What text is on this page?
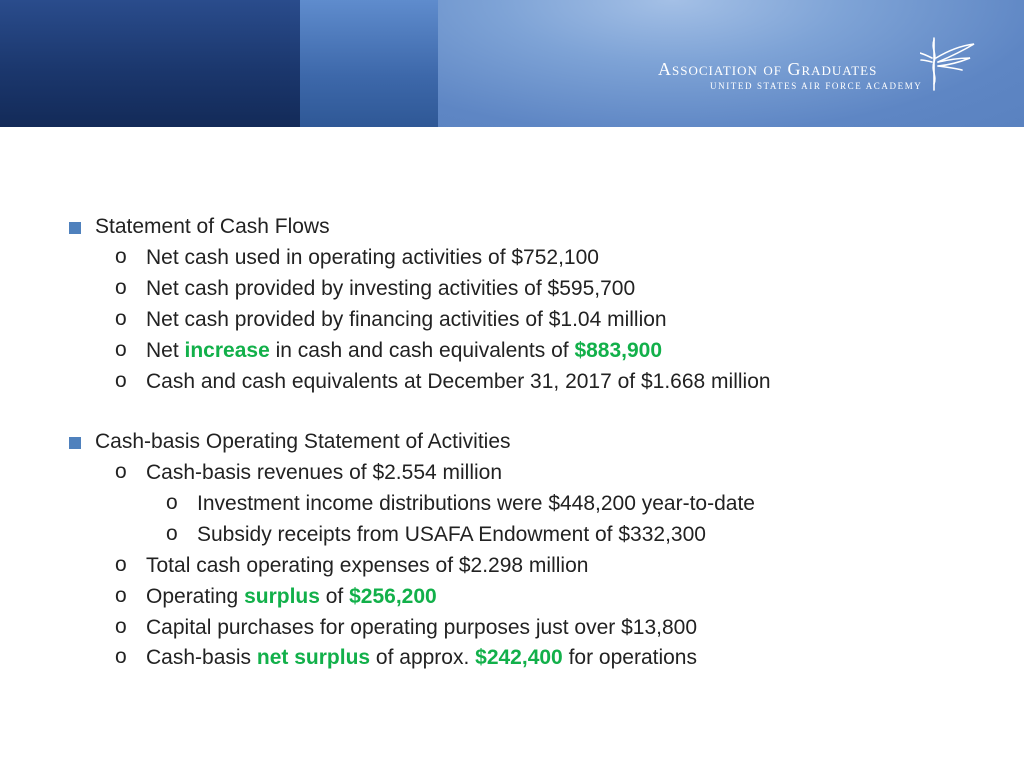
Association of Graduates
UNITED STATES AIR FORCE ACADEMY
Statement of Cash Flows
o Net cash used in operating activities of $752,100
o Net cash provided by investing activities of $595,700
o Net cash provided by financing activities of $1.04 million
o Net increase in cash and cash equivalents of $883,900
o Cash and cash equivalents at December 31, 2017 of $1.668 million
Cash-basis Operating Statement of Activities
o Cash-basis revenues of $2.554 million
o Investment income distributions were $448,200 year-to-date
o Subsidy receipts from USAFA Endowment of $332,300
o Total cash operating expenses of $2.298 million
o Operating surplus of $256,200
o Capital purchases for operating purposes just over $13,800
o Cash-basis net surplus of approx. $242,400 for operations
